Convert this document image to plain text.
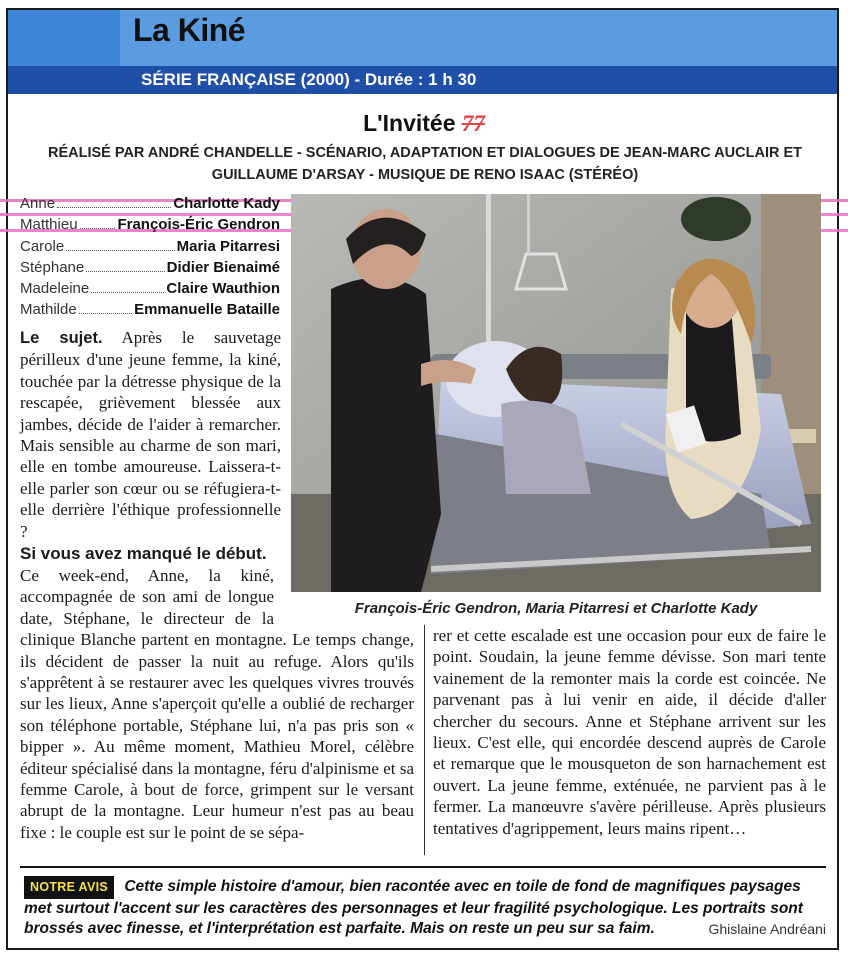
La Kiné
SÉRIE FRANÇAISE (2000) - Durée : 1 h 30
L'Invitée 77
RÉALISÉ PAR ANDRÉ CHANDELLE - SCÉNARIO, ADAPTATION ET DIALOGUES DE JEAN-MARC AUCLAIR ET GUILLAUME D'ARSAY - MUSIQUE DE RENO ISAAC (STÉRÉO)
Anne	Charlotte Kady
Matthieu	François-Éric Gendron
Carole	Maria Pitarresi
Stéphane	Didier Bienaimé
Madeleine	Claire Wauthion
Mathilde	Emmanuelle Bataille
François-Éric Gendron, Maria Pitarresi et Charlotte Kady
Le sujet. Après le sauvetage périlleux d'une jeune femme, la kiné, touchée par la détresse physique de la rescapée, grièvement blessée aux jambes, décide de l'aider à remarcher. Mais sensible au charme de son mari, elle en tombe amoureuse. Laissera-t-elle parler son cœur ou se réfugiera-t-elle derrière l'éthique professionnelle ?
Si vous avez manqué le début.
Ce week-end, Anne, la kiné, accompagnée de son ami de longue date, Stéphane, le directeur de la clinique Blanche partent en montagne. Le temps change, ils décident de passer la nuit au refuge. Alors qu'ils s'apprêtent à se restaurer avec les quelques vivres trouvés sur les lieux, Anne s'aperçoit qu'elle a oublié de recharger son téléphone portable, Stéphane lui, n'a pas pris son « bipper ». Au même moment, Mathieu Morel, célèbre éditeur spécialisé dans la montagne, féru d'alpinisme et sa femme Carole, à bout de force, grimpent sur le versant abrupt de la montagne. Leur humeur n'est pas au beau fixe : le couple est sur le point de se sépa-
rer et cette escalade est une occasion pour eux de faire le point. Soudain, la jeune femme dévisse. Son mari tente vainement de la remonter mais la corde est coincée. Ne parvenant pas à lui venir en aide, il décide d'aller chercher du secours. Anne et Stéphane arrivent sur les lieux. C'est elle, qui encordée descend auprès de Carole et remarque que le mousqueton de son harnachement est ouvert. La jeune femme, exténuée, ne parvient pas à le fermer. La manœuvre s'avère périlleuse. Après plusieurs tentatives d'agrippement, leurs mains ripent…
NOTRE AVIS Cette simple histoire d'amour, bien racontée avec en toile de fond de magnifiques paysages met surtout l'accent sur les caractères des personnages et leur fragilité psychologique. Les portraits sont brossés avec finesse, et l'interprétation est parfaite. Mais on reste un peu sur sa faim.	Ghislaine Andréani
